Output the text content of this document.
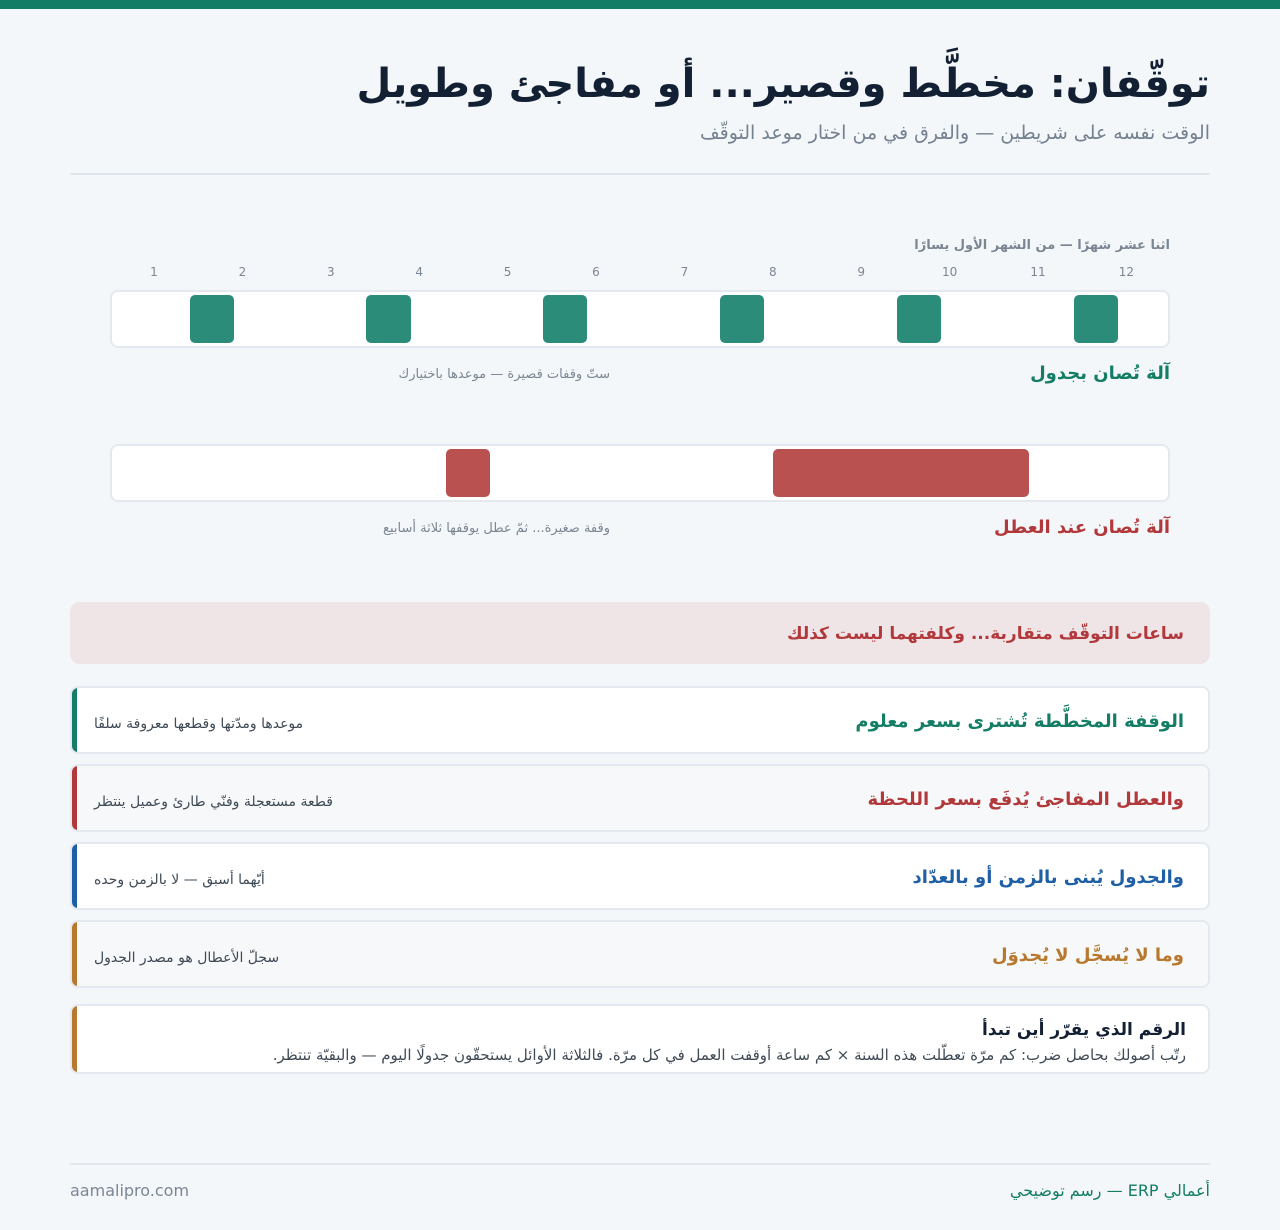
توقّفان: مخطَّط وقصير... أو مفاجئ وطويل

الوقت نفسه على شريطين — والفرق في من اختار موعد التوقّف

اثنا عشر شهرًا — من الشهر الأول يسارًا
1	2	3	4	5	6	7	8	9	10	11	12
آلة تُصان بجدول
ستّ وقفات قصيرة — موعدها باختيارك
آلة تُصان عند العطل
وقفة صغيرة... ثمّ عطل يوقفها ثلاثة أسابيع
ساعات التوقّف متقاربة... وكلفتهما ليست كذلك
الوقفة المخطَّطة تُشترى بسعر معلوم
موعدها ومدّتها وقطعها معروفة سلفًا
والعطل المفاجئ يُدفَع بسعر اللحظة
قطعة مستعجلة وفنّي طارئ وعميل ينتظر
والجدول يُبنى بالزمن أو بالعدّاد
أيّهما أسبق — لا بالزمن وحده
وما لا يُسجَّل لا يُجدوَل
سجلّ الأعطال هو مصدر الجدول
الرقم الذي يقرّر أين تبدأ
رتّب أصولك بحاصل ضرب: كم مرّة تعطّلت هذه السنة × كم ساعة أوقفت العمل في كل مرّة. فالثلاثة الأوائل يستحقّون جدولًا اليوم — والبقيّة تنتظر.
aamalipro.com	أعمالي ERP — رسم توضيحي
